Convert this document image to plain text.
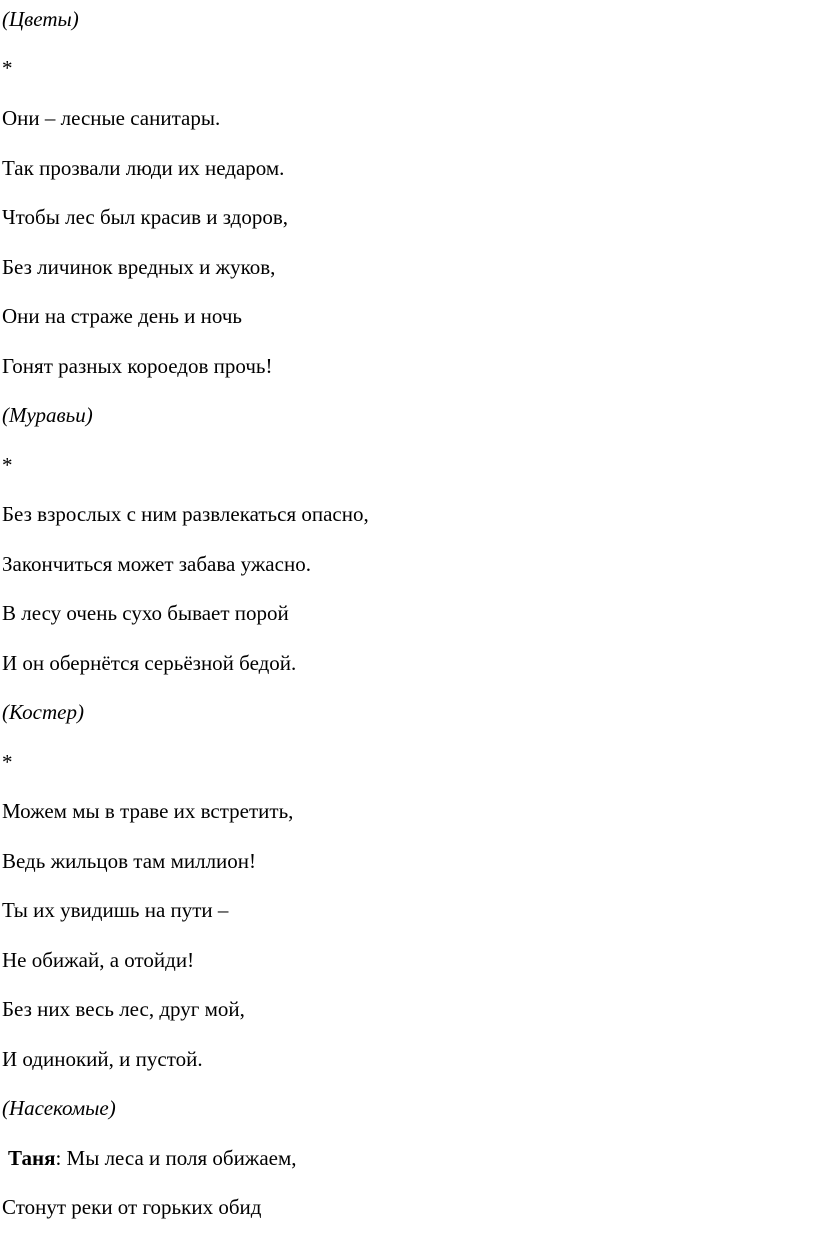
(Цветы)
*
Они – лесные санитары.
Так прозвали люди их недаром.
Чтобы лес был красив и здоров,
Без личинок вредных и жуков,
Они на страже день и ночь
Гонят разных короедов прочь!
(Муравьи)
*
Без взрослых с ним развлекаться опасно,
Закончиться может забава ужасно.
В лесу очень сухо бывает порой
И он обернётся серьёзной бедой.
(Костер)
*
Можем мы в траве их встретить,
Ведь жильцов там миллион!
Ты их увидишь на пути –
Не обижай, а отойди!
Без них весь лес, друг мой,
И одинокий, и пустой.
(Насекомые)
Таня: Мы леса и поля обижаем,
Стонут реки от горьких обид
